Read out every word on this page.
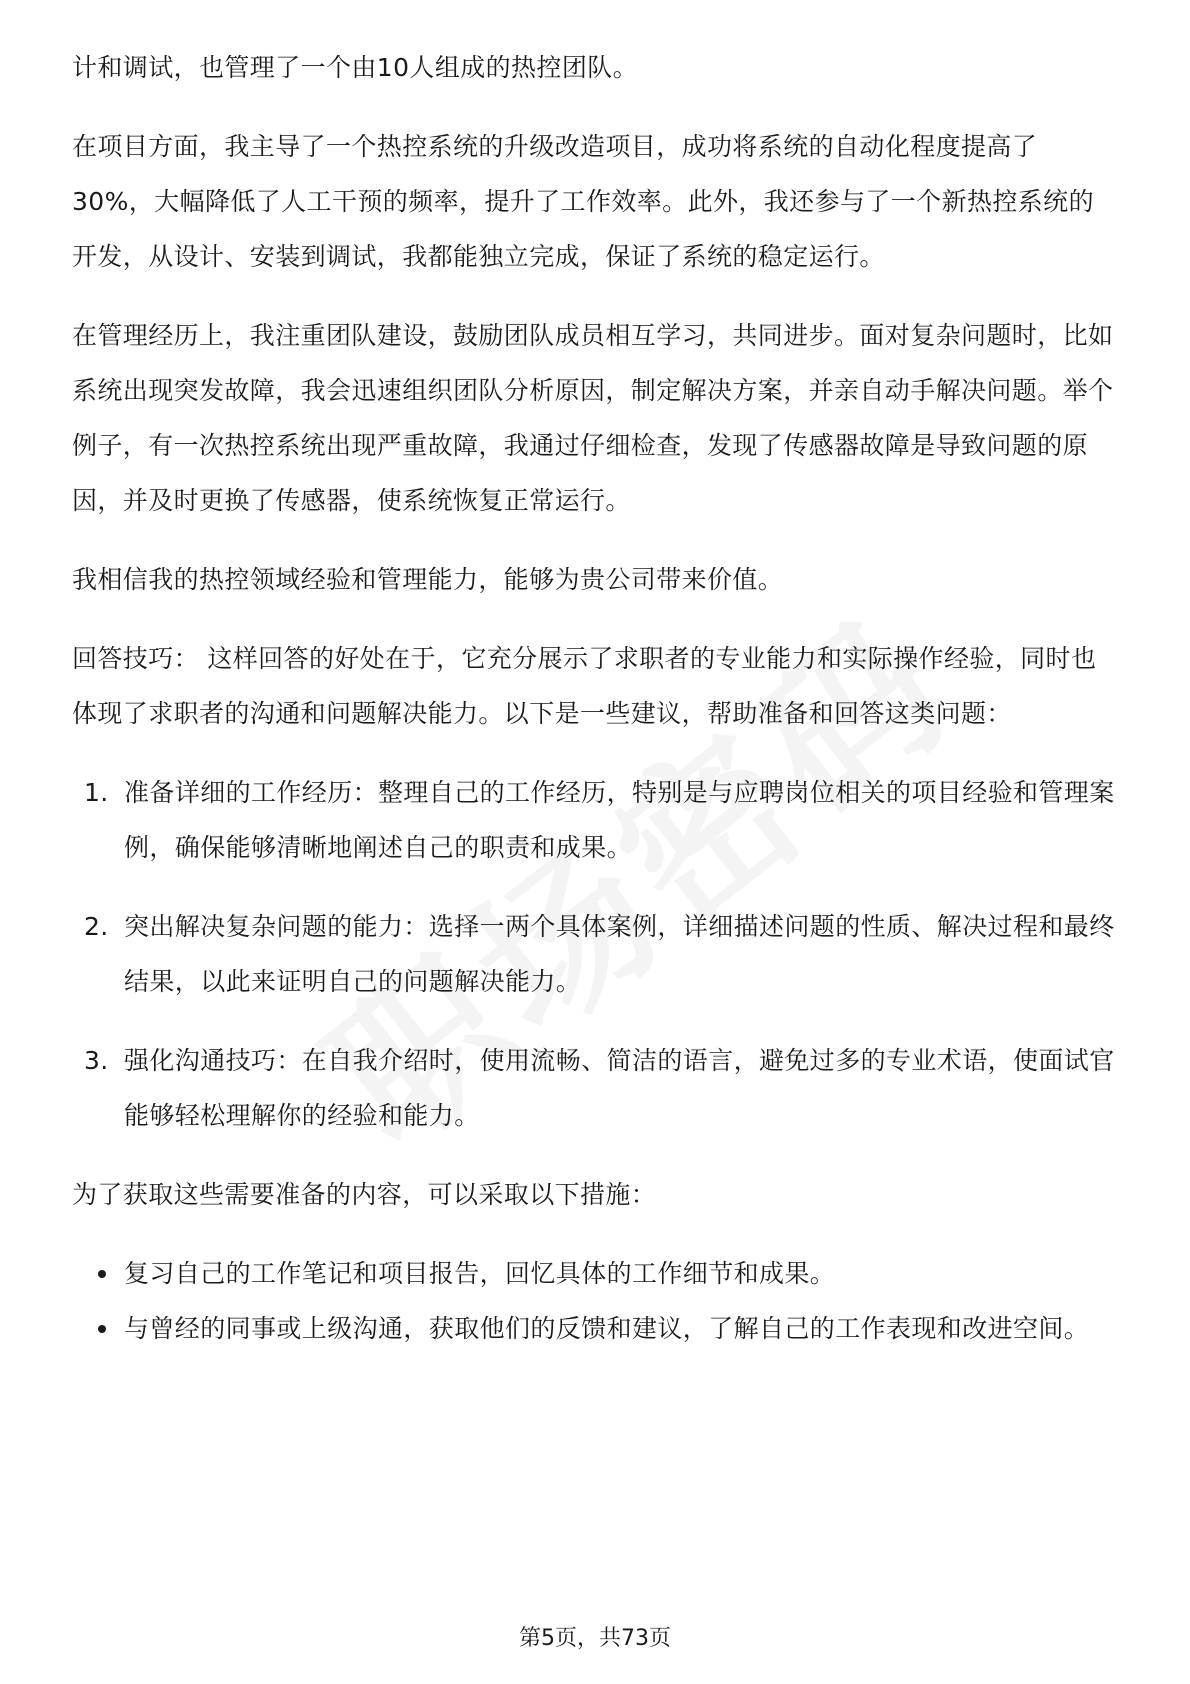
计和调试，也管理了一个由10人组成的热控团队。

在项目方面，我主导了一个热控系统的升级改造项目，成功将系统的自动化程度提高了30%，大幅降低了人工干预的频率，提升了工作效率。此外，我还参与了一个新热控系统的开发，从设计、安装到调试，我都能独立完成，保证了系统的稳定运行。

在管理经历上，我注重团队建设，鼓励团队成员相互学习，共同进步。面对复杂问题时，比如系统出现突发故障，我会迅速组织团队分析原因，制定解决方案，并亲自动手解决问题。举个例子，有一次热控系统出现严重故障，我通过仔细检查，发现了传感器故障是导致问题的原因，并及时更换了传感器，使系统恢复正常运行。

我相信我的热控领域经验和管理能力，能够为贵公司带来价值。

回答技巧： 这样回答的好处在于，它充分展示了求职者的专业能力和实际操作经验，同时也体现了求职者的沟通和问题解决能力。以下是一些建议，帮助准备和回答这类问题：

1. 准备详细的工作经历：整理自己的工作经历，特别是与应聘岗位相关的项目经验和管理案例，确保能够清晰地阐述自己的职责和成果。
2. 突出解决复杂问题的能力：选择一两个具体案例，详细描述问题的性质、解决过程和最终结果，以此来证明自己的问题解决能力。
3. 强化沟通技巧：在自我介绍时，使用流畅、简洁的语言，避免过多的专业术语，使面试官能够轻松理解你的经验和能力。

为了获取这些需要准备的内容，可以采取以下措施：

复习自己的工作笔记和项目报告，回忆具体的工作细节和成果。
与曾经的同事或上级沟通，获取他们的反馈和建议，了解自己的工作表现和改进空间。
第5页，共73页
